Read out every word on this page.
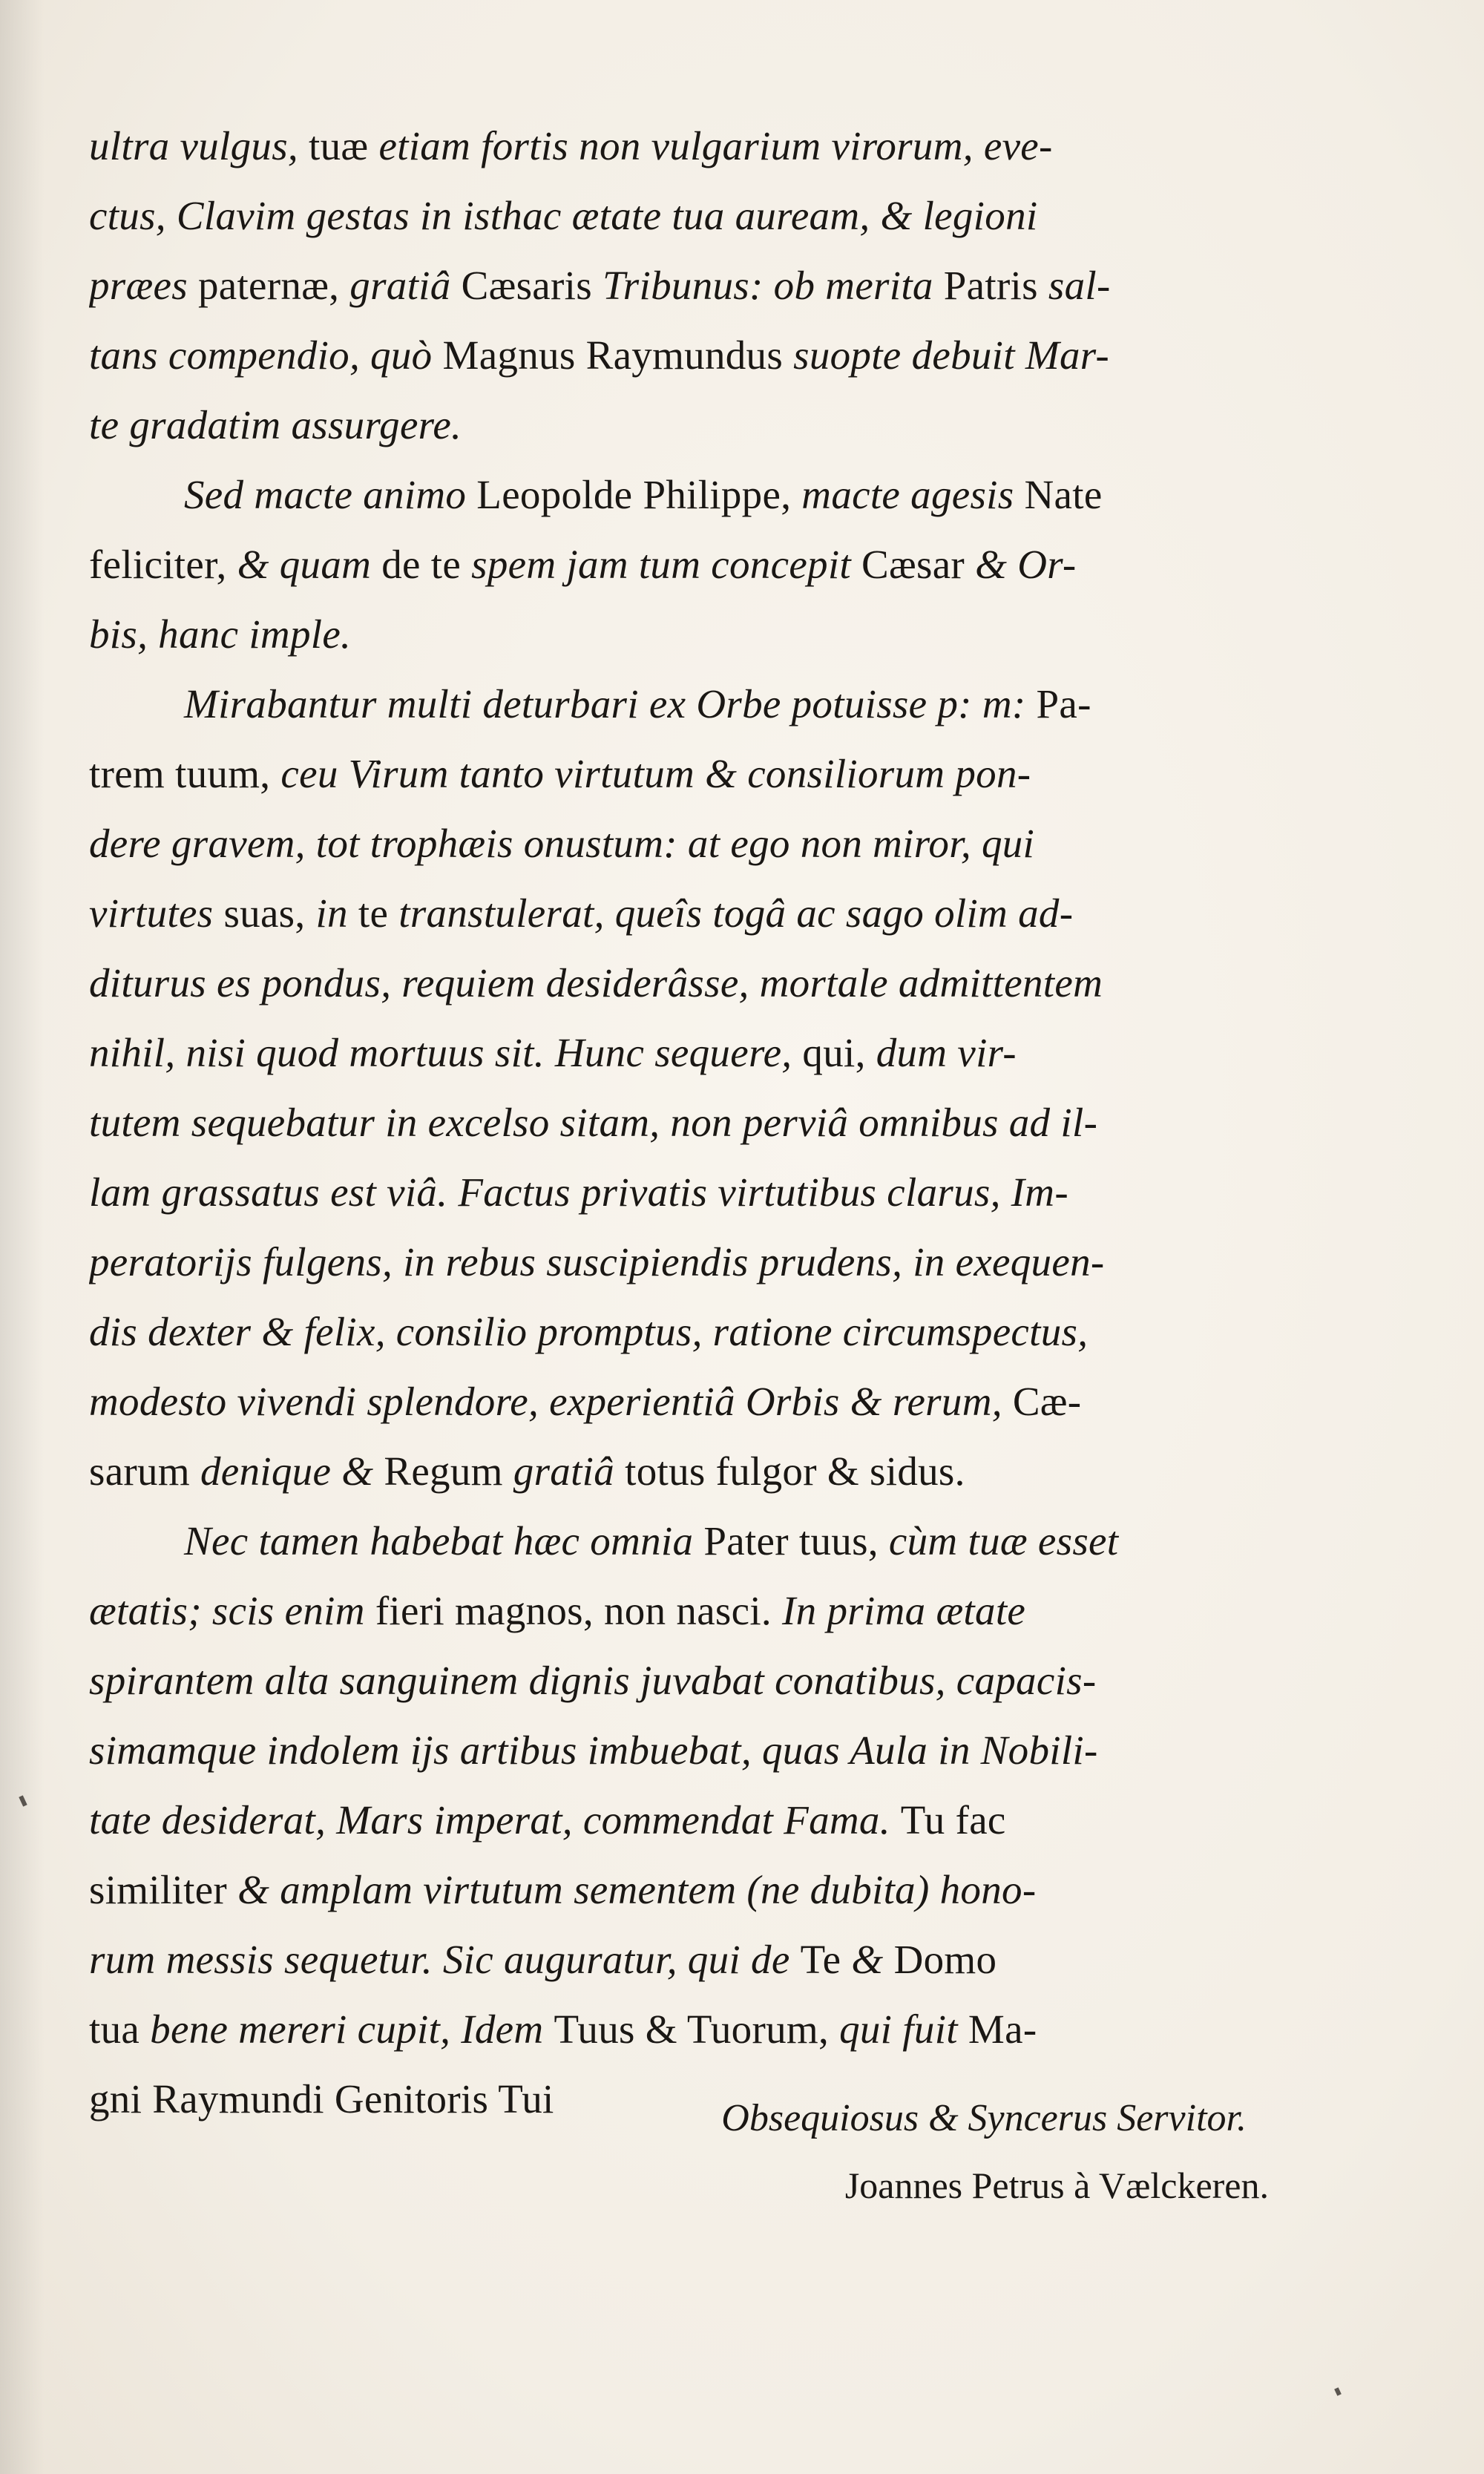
ultra vulgus, tuæ etiam fortis non vulgarium virorum, eve-
ctus, Clavim gestas in isthac ætate tua auream, & legioni
præes paternæ, gratiâ Cæsaris Tribunus: ob merita Patris sal-
tans compendio, quò Magnus Raymundus suopte debuit Mar-
te gradatim assurgere.
Sed macte animo Leopolde Philippe, macte agesis Nate
feliciter, & quam de te spem jam tum concepit Cæsar & Or-
bis, hanc imple.
Mirabantur multi deturbari ex Orbe potuisse p: m: Pa-
trem tuum, ceu Virum tanto virtutum & consiliorum pon-
dere gravem, tot trophæis onustum: at ego non miror, qui
virtutes suas, in te transtulerat, queîs togâ ac sago olim ad-
diturus es pondus, requiem desiderâsse, mortale admittentem
nihil, nisi quod mortuus sit. Hunc sequere, qui, dum vir-
tutem sequebatur in excelso sitam, non perviâ omnibus ad il-
lam grassatus est viâ. Factus privatis virtutibus clarus, Im-
peratorijs fulgens, in rebus suscipiendis prudens, in exequen-
dis dexter & felix, consilio promptus, ratione circumspectus,
modesto vivendi splendore, experientiâ Orbis & rerum, Cæ-
sarum denique & Regum gratiâ totus fulgor & sidus.
Nec tamen habebat hæc omnia Pater tuus, cùm tuæ esset
ætatis; scis enim fieri magnos, non nasci. In prima ætate
spirantem alta sanguinem dignis juvabat conatibus, capacis-
simamque indolem ijs artibus imbuebat, quas Aula in Nobili-
tate desiderat, Mars imperat, commendat Fama. Tu fac
similiter & amplam virtutum sementem (ne dubita) hono-
rum messis sequetur. Sic auguratur, qui de Te & Domo
tua bene mereri cupit, Idem Tuus & Tuorum, qui fuit Ma-
gni Raymundi Genitoris Tui	Obsequiosus & Syncerus Servitor.
Joannes Petrus à Vælckeren.
